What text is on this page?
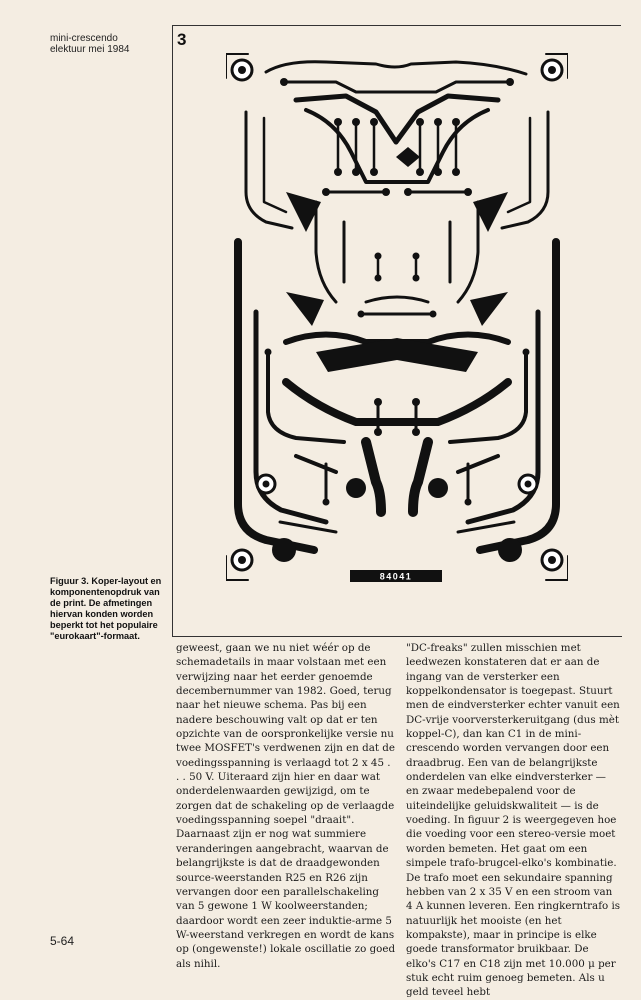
mini-crescendo
elektuur mei 1984
3
84041
Figuur 3. Koper-layout en komponentenopdruk van de print. De afmetingen hiervan konden worden beperkt tot het populaire "eurokaart"-formaat.

geweest, gaan we nu niet wéér op de schemadetails in maar volstaan met een verwijzing naar het eerder genoemde decembernummer van 1982. Goed, terug naar het nieuwe schema. Pas bij een nadere beschouwing valt op dat er ten opzichte van de oorspronkelijke versie nu twee MOSFET's verdwenen zijn en dat de voedingsspanning is verlaagd tot 2 x 45 . . . 50 V. Uiteraard zijn hier en daar wat onderdelenwaarden gewijzigd, om te zorgen dat de schakeling op de verlaagde voedingsspanning soepel "draait". Daarnaast zijn er nog wat summiere veranderingen aangebracht, waarvan de belangrijkste is dat de draadgewonden source-weerstanden R25 en R26 zijn vervangen door een parallelschakeling van 5 gewone 1 W koolweerstanden; daardoor wordt een zeer induktie-arme 5 W-weerstand verkregen en wordt de kans op (ongewenste!) lokale oscillatie zo goed als nihil.

"DC-freaks" zullen misschien met leedwezen konstateren dat er aan de ingang van de versterker een koppelkondensator is toegepast. Stuurt men de eindversterker echter vanuit een DC-vrije voorversterkeruitgang (dus mèt koppel-C), dan kan C1 in de mini-crescendo worden vervangen door een draadbrug. Een van de belangrijkste onderdelen van elke eindversterker — en zwaar medebepalend voor de uiteindelijke geluidskwaliteit — is de voeding. In figuur 2 is weergegeven hoe die voeding voor een stereo-versie moet worden bemeten. Het gaat om een simpele trafo-brugcel-elko's kombinatie. De trafo moet een sekundaire spanning hebben van 2 x 35 V en een stroom van 4 A kunnen leveren. Een ringkerntrafo is natuurlijk het mooiste (en het kompakste), maar in principe is elke goede transformator bruikbaar. De elko's C17 en C18 zijn met 10.000 μ per stuk echt ruim genoeg bemeten. Als u geld teveel hebt

5-64
